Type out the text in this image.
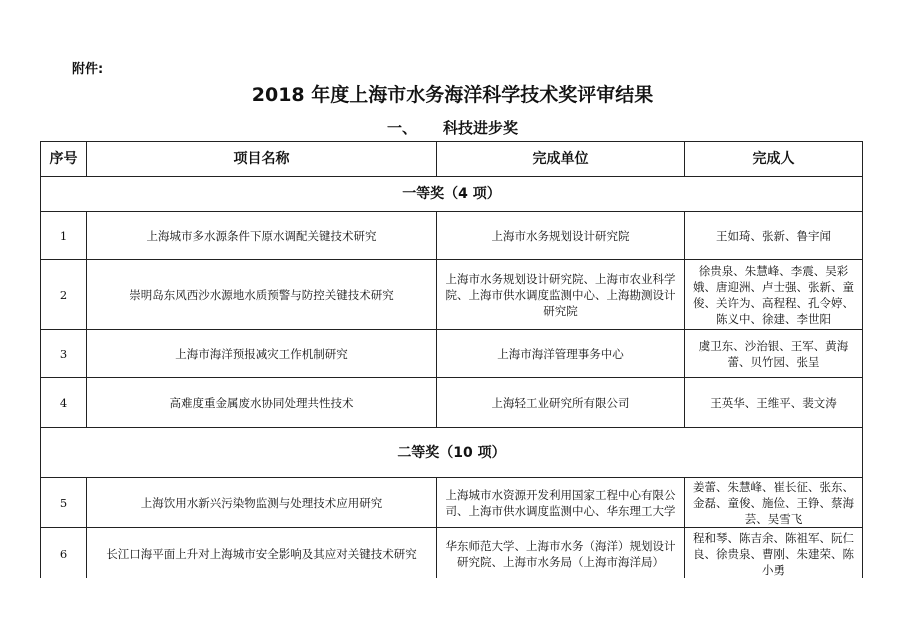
附件:
2018 年度上海市水务海洋科学技术奖评审结果
一、 科技进步奖
序号	项目名称	完成单位	完成人
一等奖（4 项）			
1	上海城市多水源条件下原水调配关键技术研究	上海市水务规划设计研究院	王如琦、张新、鲁宇闻
2	崇明岛东风西沙水源地水质预警与防控关键技术研究	上海市水务规划设计研究院、上海市农业科学院、上海市供水调度监测中心、上海勘测设计研究院	徐贵泉、朱慧峰、李震、吴彩娥、唐迎洲、卢士强、张新、童俊、关许为、高程程、孔令婷、陈义中、徐建、李世阳
3	上海市海洋预报减灾工作机制研究	上海市海洋管理事务中心	虞卫东、沙治银、王军、黄海蕾、贝竹园、张呈
4	高难度重金属废水协同处理共性技术	上海轻工业研究所有限公司	王英华、王维平、裴文涛
二等奖（10 项）			
5	上海饮用水新兴污染物监测与处理技术应用研究	上海城市水资源开发利用国家工程中心有限公司、上海市供水调度监测中心、华东理工大学	姜蕾、朱慧峰、崔长征、张东、金磊、童俊、施俭、王铮、蔡海芸、吴雪飞
6	长江口海平面上升对上海城市安全影响及其应对关键技术研究	华东师范大学、上海市水务（海洋）规划设计研究院、上海市水务局（上海市海洋局）	程和琴、陈吉余、陈祖军、阮仁良、徐贵泉、曹刚、朱建荣、陈小勇
